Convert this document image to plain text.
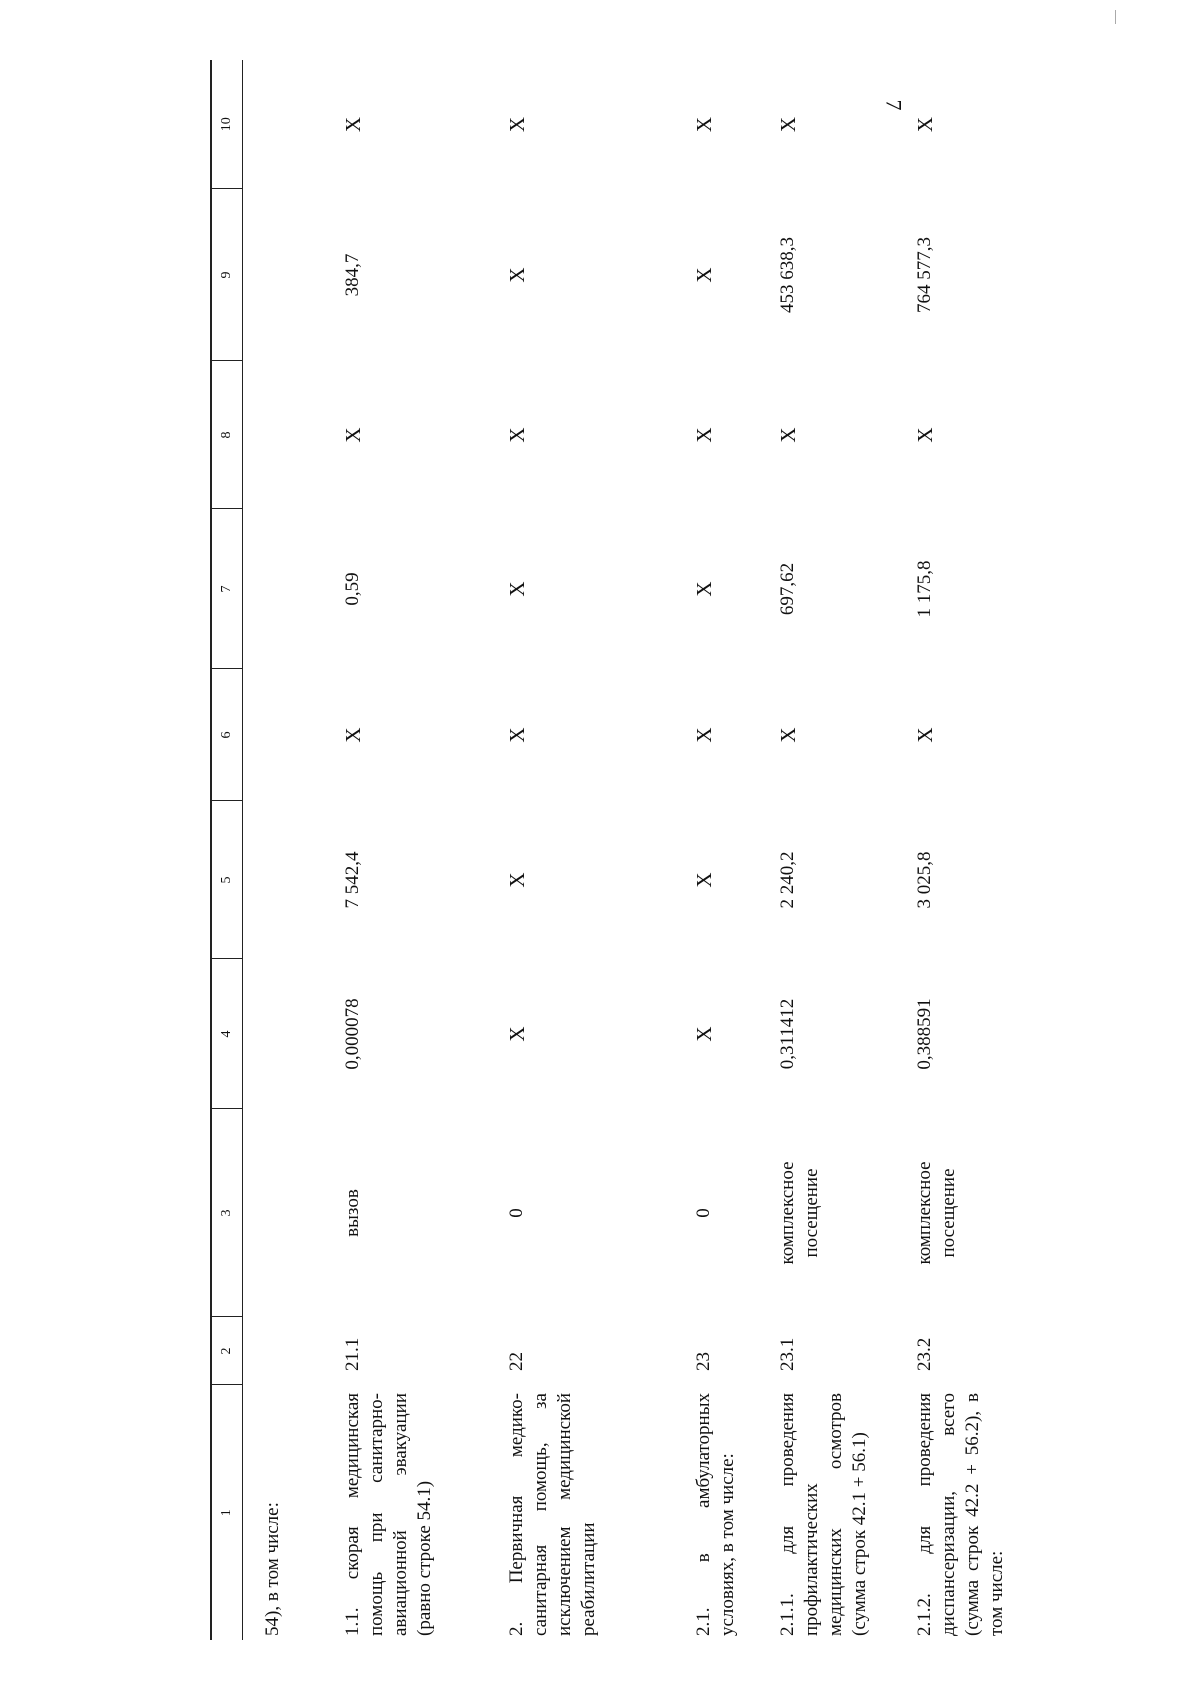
7
1	2	3	4	5	6	7	8	9	10
54), в том числе:									
1.1. скорая медицинская помощь при санитарно-авиационной эвакуации (равно строке 54.1)	21.1	вызов	0,000078	7 542,4	X	0,59	X	384,7	X
2. Первичная медико-санитарная помощь, за исключением медицинской реабилитации	22	0	X	X	X	X	X	X	X
2.1. в амбулаторных условиях, в том числе:	23	0	X	X	X	X	X	X	X
2.1.1. для проведения профилактических медицинских осмотров (сумма строк 42.1 + 56.1)	23.1	комплексное посещение	0,311412	2 240,2	X	697,62	X	453 638,3	X
2.1.2. для проведения диспансеризации, всего (сумма строк 42.2 + 56.2), в том числе:	23.2	комплексное посещение	0,388591	3 025,8	X	1 175,8	X	764 577,3	X
